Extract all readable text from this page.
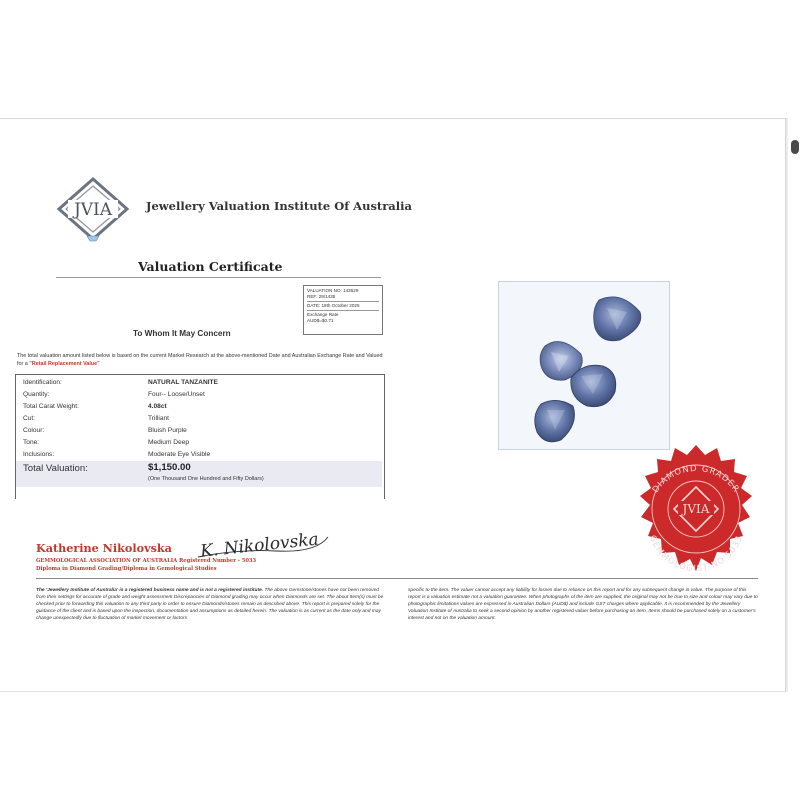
JVIA	Jewellery Valuation Institute Of Australia
Valuation Certificate
VALUATION NO: 143529
REF: 29/1435
DATE: 18th October 2025
Exchange Rate
AUD$=$0.71
To Whom It May Concern
The total valuation amount listed below is based on the current Market Research at the above-mentioned Date and Australian Exchange Rate and Valued for a "Retail Replacement Value"
Identification:	NATURAL TANZANITE
Quantity:	Four-- Loose/Unset
Total Carat Weight:	4.08ct
Cut:	Trilliant
Colour:	Bluish Purple
Tone:	Medium Deep
Inclusions:	Moderate Eye Visible
Total Valuation:	$1,150.00
(One Thousand One Hundred and Fifty Dollars)
Katherine Nikolovska K. Nikolovska
GEMMOLOGICAL ASSOCIATION OF AUSTRALIA Registered Number - 5033
Diploma in Diamond Grading/Diploma in Gemological Studies
The 'Jewellery Institute of Australia' is a registered business name and is not a registered institute. The above Gemstone/stones have not been removed from their settings for accurate of grade and weight assessment Discrepancies of Diamond grading may occur when Diamonds are set. The about Item(s) must be checked prior to forwarding this valuation to any third party in order to ensure Diamonds/stones remain as described above. This report is prepared solely for the guidance of the client and is based upon the inspection, documentation and assumptions as detailed herein. The valuation is as current as the date only and may change unexpectedly due to fluctuation of market movement or factors
specific to the item. The valuer cannot accept any liability for losses due to reliance on this report and for any subsequent change in value. The purpose of this report is a valuation estimate not a valuation guarantee. When photographs of the item are supplied, the original may not be true to size and colour may vary due to photographic limitations values are expressed in Australian Dollars (AUD$) and include GST charges where applicable. It is recommended by the Jewellery Valuation Institute of Australia to seek a second opinion by another registered valuer before purchasing an item. Items should be purchased solely on a customer's interest and not on the valuation amount.
DIAMOND GRADER
GEMMOLOGIST NO 5033
JVIA
